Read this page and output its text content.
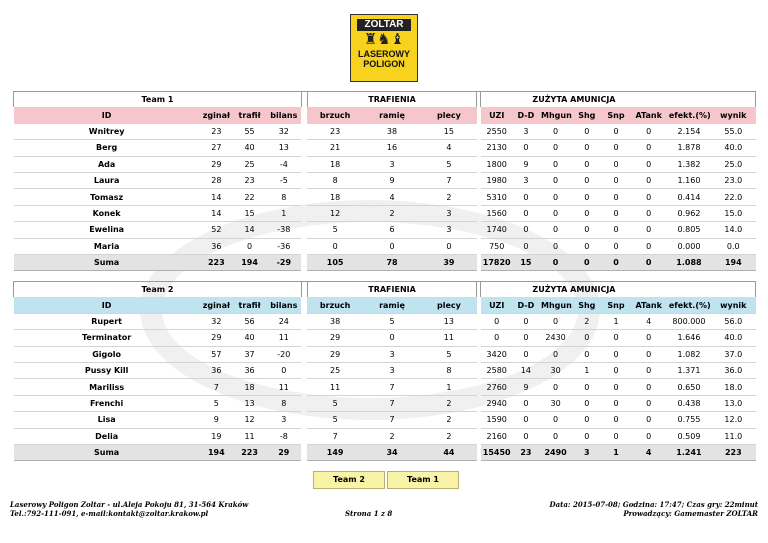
ZOLTAR
♜♞♝
LASEROWY
POLIGON
Team 1					TRAFIENIA				ZUŻYTA AMUNICJA							
ID	zginał	trafił	bilans		brzuch	ramię	plecy		UZI	D-D	Mhgun	Shg	Snp	ATank	efekt.(%)	wynik
Wnitrey	23	55	32		23	38	15		2550	3	0	0	0	0	2.154	55.0
Berg	27	40	13		21	16	4		2130	0	0	0	0	0	1.878	40.0
Ada	29	25	-4		18	3	5		1800	9	0	0	0	0	1.382	25.0
Laura	28	23	-5		8	9	7		1980	3	0	0	0	0	1.160	23.0
Tomasz	14	22	8		18	4	2		5310	0	0	0	0	0	0.414	22.0
Konek	14	15	1		12	2	3		1560	0	0	0	0	0	0.962	15.0
Ewelina	52	14	-38		5	6	3		1740	0	0	0	0	0	0.805	14.0
Maria	36	0	-36		0	0	0		750	0	0	0	0	0	0.000	0.0
Suma	223	194	-29		105	78	39		17820	15	0	0	0	0	1.088	194
Team 2					TRAFIENIA				ZUŻYTA AMUNICJA							
ID	zginał	trafił	bilans		brzuch	ramię	plecy		UZI	D-D	Mhgun	Shg	Snp	ATank	efekt.(%)	wynik
Rupert	32	56	24		38	5	13		0	0	0	2	1	4	800.000	56.0
Terminator	29	40	11		29	0	11		0	0	2430	0	0	0	1.646	40.0
Gigolo	57	37	-20		29	3	5		3420	0	0	0	0	0	1.082	37.0
Pussy Kill	36	36	0		25	3	8		2580	14	30	1	0	0	1.371	36.0
Mariliss	7	18	11		11	7	1		2760	9	0	0	0	0	0.650	18.0
Frenchi	5	13	8		5	7	2		2940	0	30	0	0	0	0.438	13.0
Lisa	9	12	3		5	7	2		1590	0	0	0	0	0	0.755	12.0
Delia	19	11	-8		7	2	2		2160	0	0	0	0	0	0.509	11.0
Suma	194	223	29		149	34	44		15450	23	2490	3	1	4	1.241	223
Team 2	Team 1
Laserowy Poligon Zoltar - ul.Aleja Pokoju 81, 31-564 Kraków
Tel.:792-111-091, e-mail:kontakt@zoltar.krakow.pl	Strona 1 z 8
Data: 2015-07-08; Godzina: 17:47; Czas gry: 22minut
Prowadzący: Gamemaster ZOLTAR
